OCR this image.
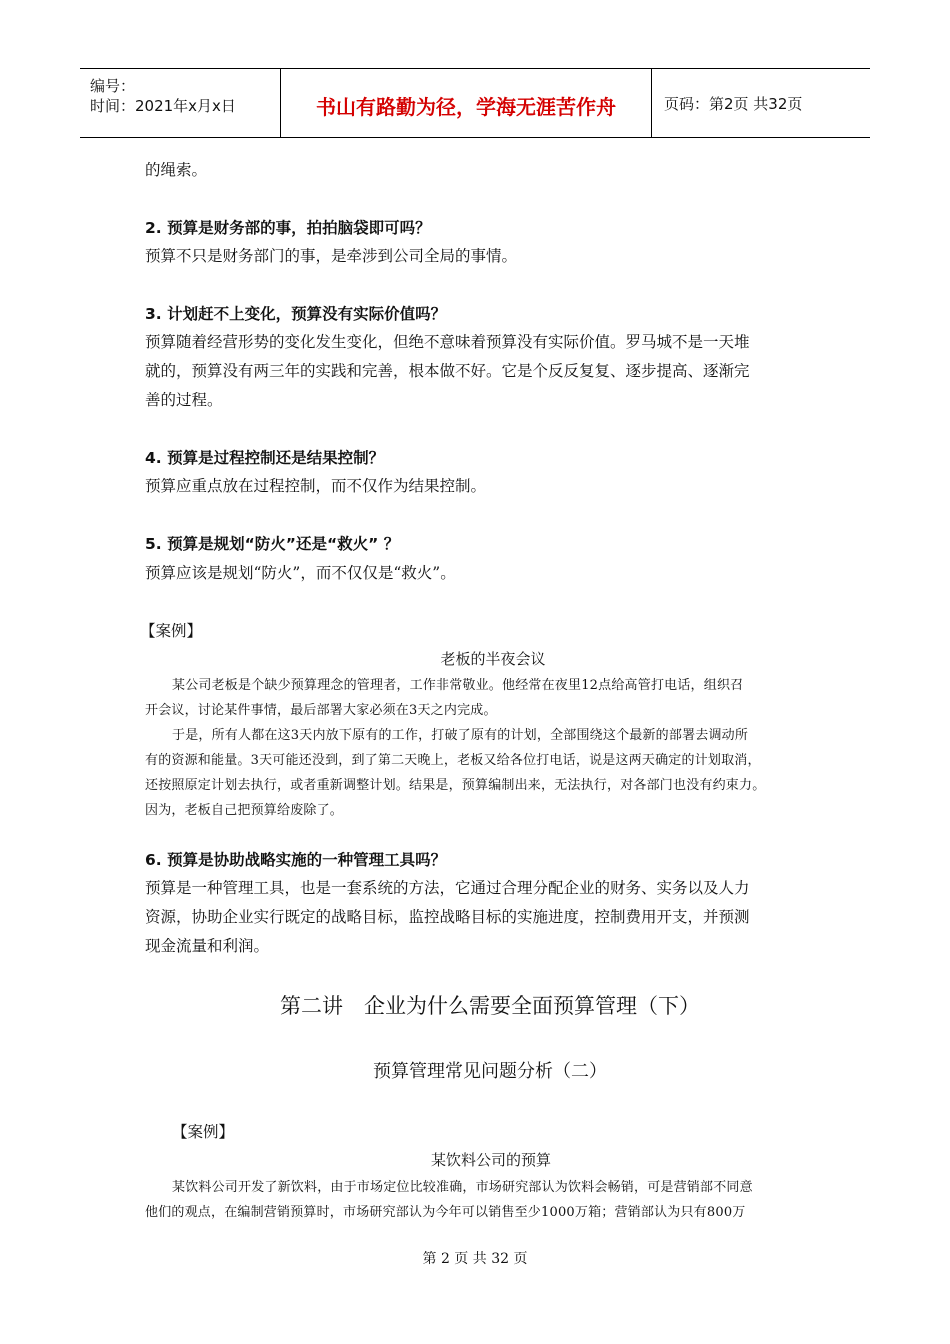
编号：
时间：2021年x月x日	书山有路勤为径，学海无涯苦作舟	页码：第2页 共32页
的绳索。
2. 预算是财务部的事，拍拍脑袋即可吗？
预算不只是财务部门的事，是牵涉到公司全局的事情。
3. 计划赶不上变化，预算没有实际价值吗？
预算随着经营形势的变化发生变化，但绝不意味着预算没有实际价值。罗马城不是一天堆
就的，预算没有两三年的实践和完善，根本做不好。它是个反反复复、逐步提高、逐渐完
善的过程。
4. 预算是过程控制还是结果控制？
预算应重点放在过程控制，而不仅作为结果控制。
5. 预算是规划“防火”还是“救火” ？
预算应该是规划“防火”，而不仅仅是“救火”。
【案例】
老板的半夜会议
某公司老板是个缺少预算理念的管理者，工作非常敬业。他经常在夜里12点给高管打电话，组织召
开会议，讨论某件事情，最后部署大家必须在3天之内完成。
于是，所有人都在这3天内放下原有的工作，打破了原有的计划，全部围绕这个最新的部署去调动所
有的资源和能量。3天可能还没到，到了第二天晚上，老板又给各位打电话，说是这两天确定的计划取消，
还按照原定计划去执行，或者重新调整计划。结果是，预算编制出来，无法执行，对各部门也没有约束力。
因为，老板自己把预算给废除了。
6. 预算是协助战略实施的一种管理工具吗？
预算是一种管理工具，也是一套系统的方法，它通过合理分配企业的财务、实务以及人力
资源，协助企业实行既定的战略目标，监控战略目标的实施进度，控制费用开支，并预测
现金流量和利润。
第二讲　企业为什么需要全面预算管理（下）
预算管理常见问题分析（二）
【案例】
某饮料公司的预算
某饮料公司开发了新饮料，由于市场定位比较准确，市场研究部认为饮料会畅销，可是营销部不同意
他们的观点，在编制营销预算时，市场研究部认为今年可以销售至少1000万箱；营销部认为只有800万
第 2 页 共 32 页
